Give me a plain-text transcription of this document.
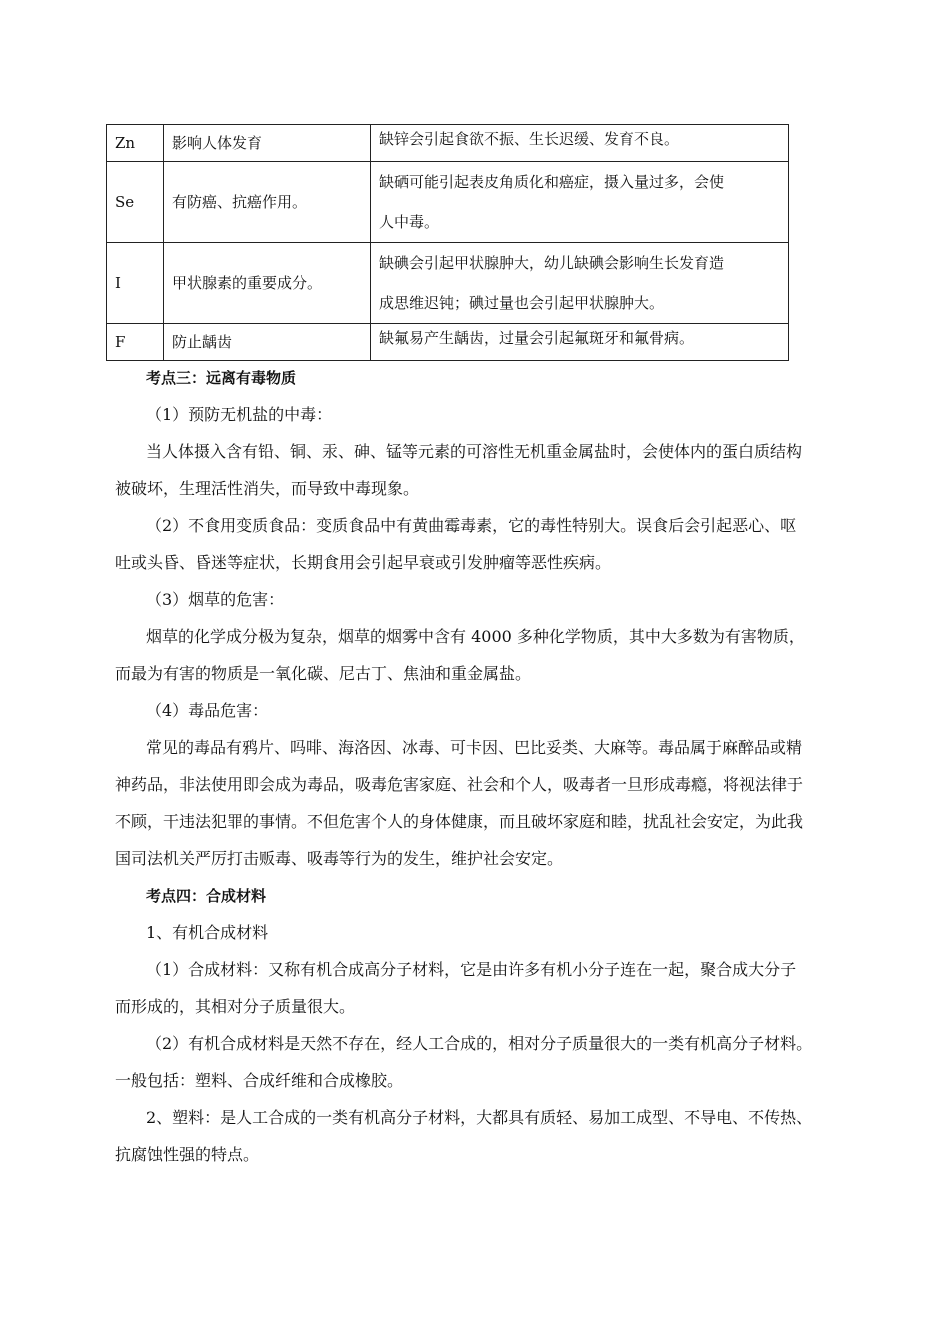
Zn	影响人体发育	缺锌会引起食欲不振、生长迟缓、发育不良。
Se	有防癌、抗癌作用。	缺硒可能引起表皮角质化和癌症，摄入量过多，会使
人中毒。

I	甲状腺素的重要成分。	缺碘会引起甲状腺肿大，幼儿缺碘会影响生长发育造
成思维迟钝；碘过量也会引起甲状腺肿大。

F	防止龋齿	缺氟易产生龋齿，过量会引起氟斑牙和氟骨病。
考点三：远离有毒物质
（1）预防无机盐的中毒：
当人体摄入含有铅、铜、汞、砷、锰等元素的可溶性无机重金属盐时，会使体内的蛋白质结构
被破坏，生理活性消失，而导致中毒现象。
（2）不食用变质食品：变质食品中有黄曲霉毒素，它的毒性特别大。误食后会引起恶心、呕
吐或头昏、昏迷等症状，长期食用会引起早衰或引发肿瘤等恶性疾病。
（3）烟草的危害：
烟草的化学成分极为复杂，烟草的烟雾中含有 4000 多种化学物质，其中大多数为有害物质，
而最为有害的物质是一氧化碳、尼古丁、焦油和重金属盐。
（4）毒品危害：
常见的毒品有鸦片、吗啡、海洛因、冰毒、可卡因、巴比妥类、大麻等。毒品属于麻醉品或精
神药品，非法使用即会成为毒品，吸毒危害家庭、社会和个人，吸毒者一旦形成毒瘾，将视法律于
不顾，干违法犯罪的事情。不但危害个人的身体健康，而且破坏家庭和睦，扰乱社会安定，为此我
国司法机关严厉打击贩毒、吸毒等行为的发生，维护社会安定。
考点四：合成材料
1、有机合成材料
（1）合成材料：又称有机合成高分子材料，它是由许多有机小分子连在一起，聚合成大分子
而形成的，其相对分子质量很大。
（2）有机合成材料是天然不存在，经人工合成的，相对分子质量很大的一类有机高分子材料。
一般包括：塑料、合成纤维和合成橡胶。
2、塑料：是人工合成的一类有机高分子材料，大都具有质轻、易加工成型、不导电、不传热、
抗腐蚀性强的特点。
